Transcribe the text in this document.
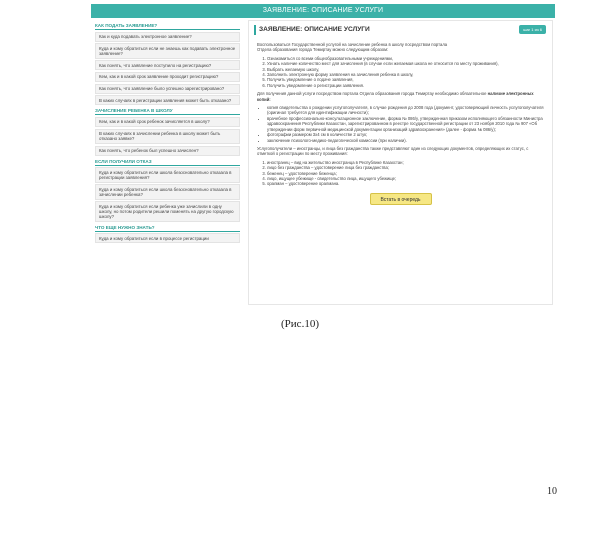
ЗАЯВЛЕНИЕ: ОПИСАНИЕ УСЛУГИ
КАК ПОДАТЬ ЗАЯВЛЕНИЕ?
Как и куда подавать электронное заявление?
Куда и кому обратиться если не знаешь как подавать электронное заявление?
Как понять, что заявление поступило на регистрацию?
Кем, как и в какой срок заявление проходит регистрацию?
Как понять, что заявление было успешно зарегистрировано?
В каких случаях в регистрации заявления может быть отказано?
ЗАЧИСЛЕНИЕ РЕБЕНКА В ШКОЛУ
Кем, как и в какой срок ребенок зачисляется в школу?
В каких случаях в зачислении ребенка в школу может быть отказано заявке?
Как понять, что ребенок был успешно зачислен?
ЕСЛИ ПОЛУЧИЛИ ОТКАЗ
Куда и кому обратиться если школа безосновательно отказала в регистрации заявления?
Куда и кому обратиться если школа безосновательно отказала в зачислении ребенка?
Куда и кому обратиться если ребенка уже зачислили в одну школу, но потом родители решили поменять на другую городскую школу?
ЧТО ЕЩЕ НУЖНО ЗНАТЬ?
Куда и кому обратиться если в процессе регистрации
ЗАЯВЛЕНИЕ: ОПИСАНИЕ УСЛУГИ	шаг 1 из 6

Воспользоваться Государственной услугой на зачисление ребенка в школу посредством портала
Отдела образования города Темиртау можно следующим образом:

1. Ознакомиться со всеми общеобразовательными учреждениями,
2. Узнать наличие количество мест для зачисления (в случае если желаемая школа не относится по месту проживания),
3. Выбрать желаемую школу,
4. Заполнить электронную форму заявления на зачисления ребенка в школу,
5. Получить уведомление о подаче заявления,
6. Получить уведомление о регистрации заявления.

Для получения данной услуги посредством портала Отдела образования города Темиртау необходимо обязательное наличие электронных копий:

• копия свидетельства о рождении услугополучателя, в случае рождения до 2008 года (документ, удостоверяющий личность услугополучателя (оригинал требуется для идентификации личности);
• врачебное профессионально-консультационное заключение, форма № 086/у, утвержденная приказом исполняющего обязанности Министра здравоохранения Республики Казахстан, зарегистрированном в реестре государственной регистрации от 23 ноября 2010 года № 907 «Об утверждении форм первичной медицинской документации организаций здравоохранения» (далее - форма № 086/у);
• фотографии размером 3х4 см в количестве 2 штук;
• заключение психолого-медико-педагогической комиссии (при наличии).

Услугополучатели – иностранцы, и лица без гражданства также представляют один из следующих документов, определяющих их статус, с отметкой о регистрации по месту проживания:

1. иностранец – вид на жительство иностранца в Республике Казахстан;
2. лицо без гражданства – удостоверение лица без гражданства;
3. беженец – удостоверение беженца;
4. лицо, ищущее убежище - свидетельство лица, ищущего убежище;
5. оралман – удостоверение оралмана.
Встать в очередь
(Рис.10)
10
